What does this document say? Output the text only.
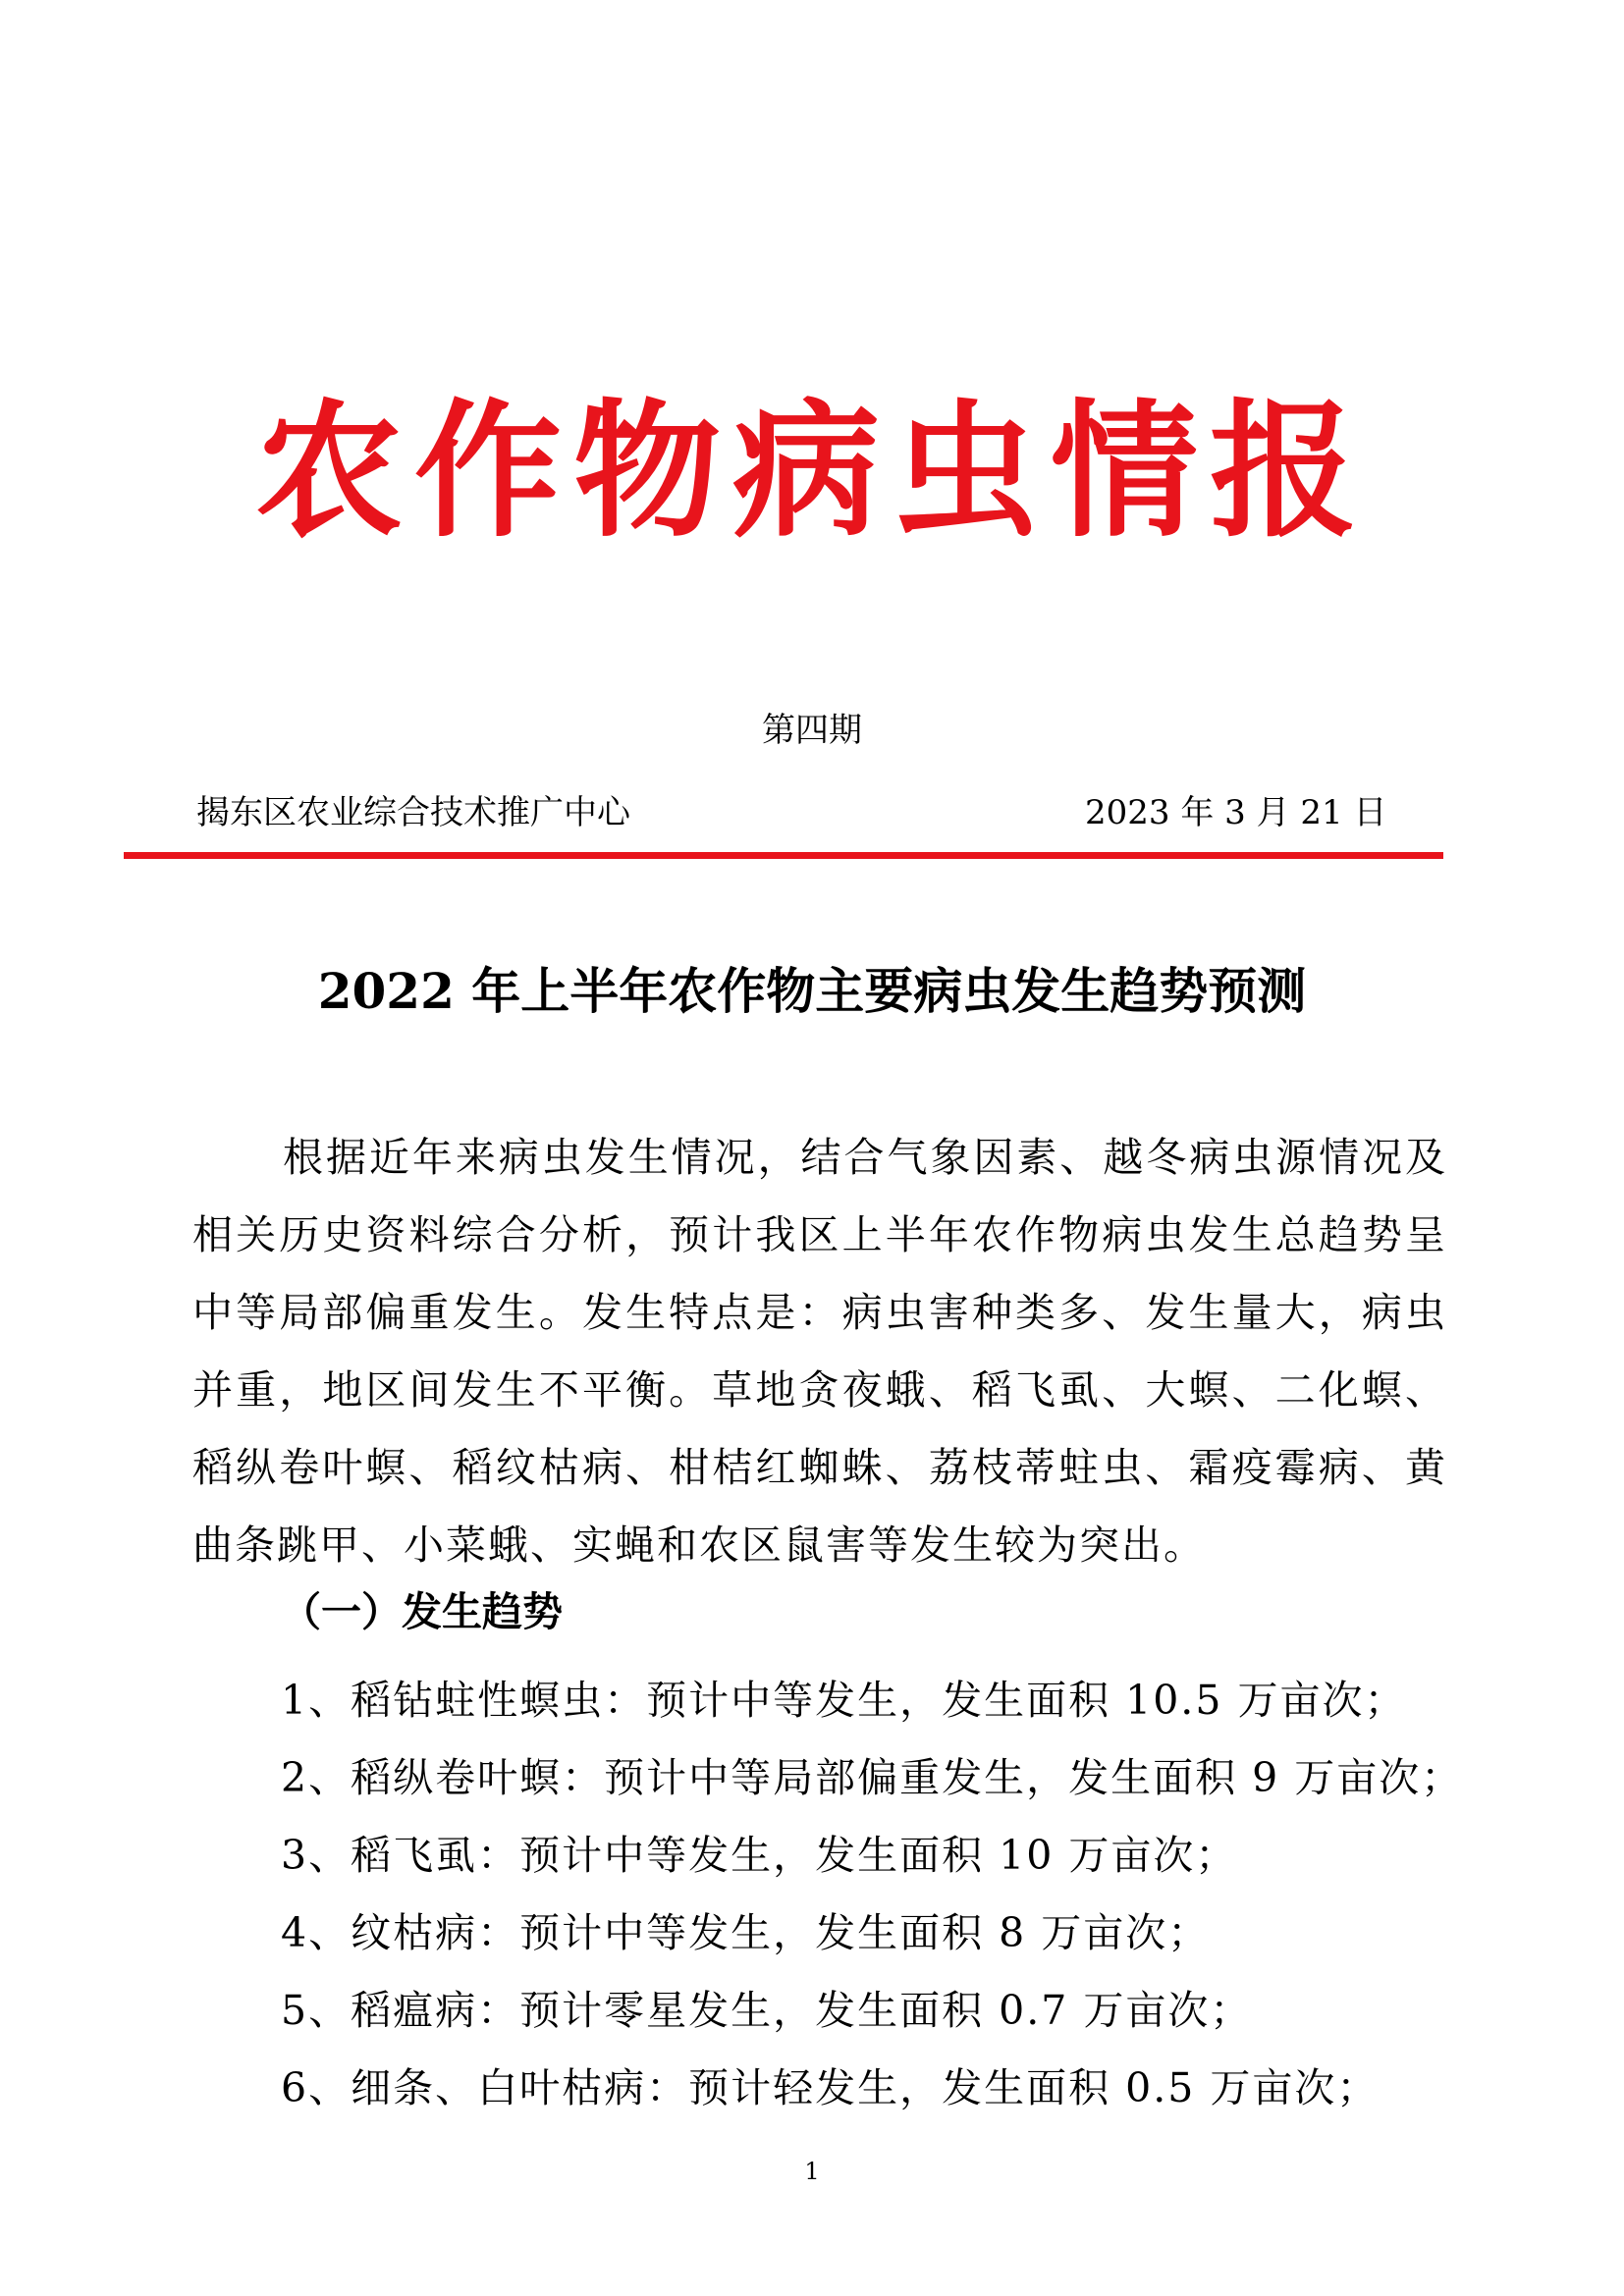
农作物病虫情报
第四期
揭东区农业综合技术推广中心	2023 年 3 月 21 日
2022 年上半年农作物主要病虫发生趋势预测

根据近年来病虫发生情况，结合气象因素、越冬病虫源情况及相关历史资料综合分析，预计我区上半年农作物病虫发生总趋势呈中等局部偏重发生。发生特点是：病虫害种类多、发生量大，病虫并重，地区间发生不平衡。草地贪夜蛾、稻飞虱、大螟、二化螟、稻纵卷叶螟、稻纹枯病、柑桔红蜘蛛、荔枝蒂蛀虫、霜疫霉病、黄曲条跳甲、小菜蛾、实蝇和农区鼠害等发生较为突出。

（一）发生趋势
1、稻钻蛀性螟虫：预计中等发生，发生面积 10.5 万亩次；
2、稻纵卷叶螟：预计中等局部偏重发生，发生面积 9 万亩次；
3、稻飞虱：预计中等发生，发生面积 10 万亩次；
4、纹枯病：预计中等发生，发生面积 8 万亩次；
5、稻瘟病：预计零星发生，发生面积 0.7 万亩次；
6、细条、白叶枯病：预计轻发生，发生面积 0.5 万亩次；
1
